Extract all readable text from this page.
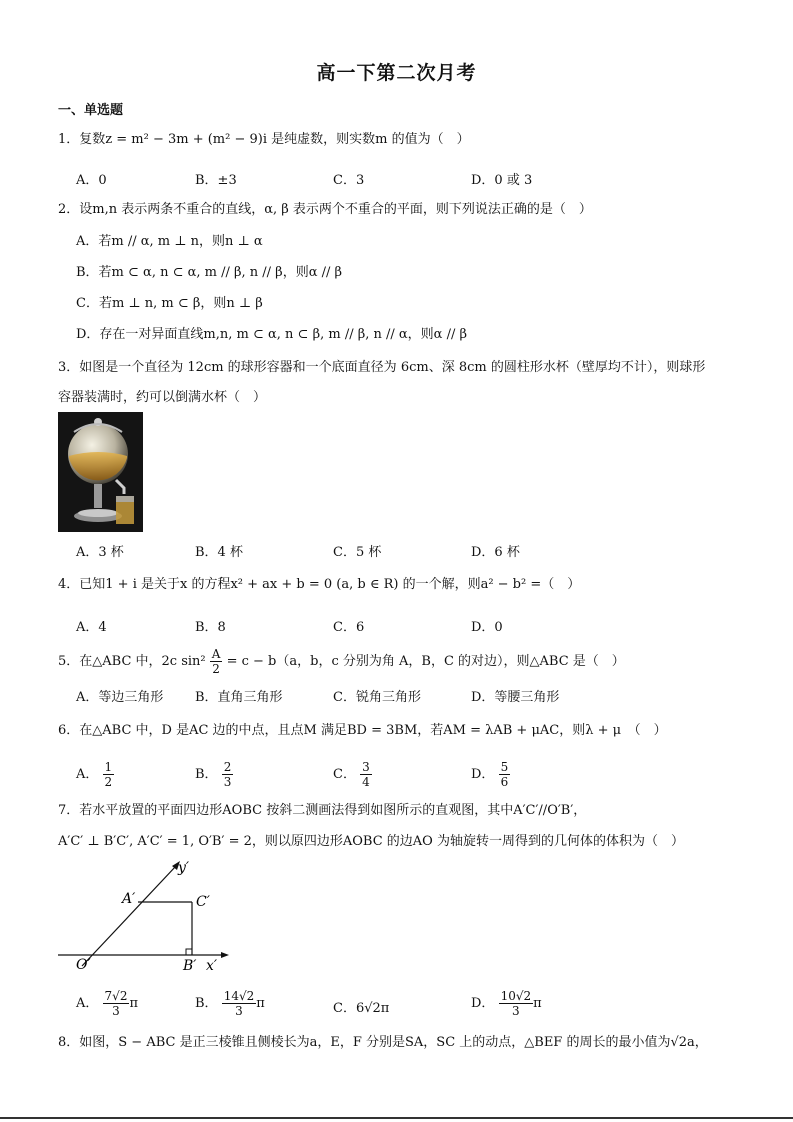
高一下第二次月考
一、单选题
1．复数z = m² − 3m + (m² − 9)i 是纯虚数，则实数m 的值为（　）
A．0	B．±3	C．3	D．0 或 3
2．设m,n 表示两条不重合的直线，α, β 表示两个不重合的平面，则下列说法正确的是（　）
A．若m // α, m ⊥ n，则n ⊥ α
B．若m ⊂ α, n ⊂ α, m // β, n // β，则α // β
C．若m ⊥ n, m ⊂ β，则n ⊥ β
D．存在一对异面直线m,n, m ⊂ α, n ⊂ β, m // β, n // α，则α // β
3．如图是一个直径为 12cm 的球形容器和一个底面直径为 6cm、深 8cm 的圆柱形水杯（壁厚均不计），则球形
容器装满时，约可以倒满水杯（　）
A．3 杯	B．4 杯	C．5 杯	D．6 杯
4．已知1 + i 是关于x 的方程x² + ax + b = 0 (a, b ∈ R) 的一个解，则a² − b² =（　）
A．4	B．8	C．6	D．0
5．在△ABC 中，2c $\sin^2 \frac{A}{2} = c - b(a$，b，c 分别为角 A，B，C 的对边），则△ABC 是（　）
A．等边三角形 B．直角三角形	C．锐角三角形	D．等腰三角形
6．在△ABC 中，D 是AC 边的中点，且点M 满足BD = 3BM，若AM = λAB + μAC，则λ + μ　（　）
A． $\frac{1}{2}$	B． $\frac{2}{3}$	C． $\frac{3}{4}$	D． $\frac{5}{6}$
7．若水平放置的平面四边形AOBC 按斜二测画法得到如图所示的直观图，其中A′C′//O′B′，
A′C′ ⊥ B′C′, A′C′ = 1, O′B′ = 2，则以原四边形AOBC 的边AO 为轴旋转一周得到的几何体的体积为（　）
y′
x′
A′	C′
O′	B′
A． $\frac{7√2}{3}$ π	B． $\frac{14√2}{3}$ π	C．6√2π	D． $\frac{10√2}{3}$ π
8．如图，S − ABC 是正三棱锥且侧棱长为a，E，F 分别是SA，SC 上的动点，△BEF 的周长的最小值为√2a，
